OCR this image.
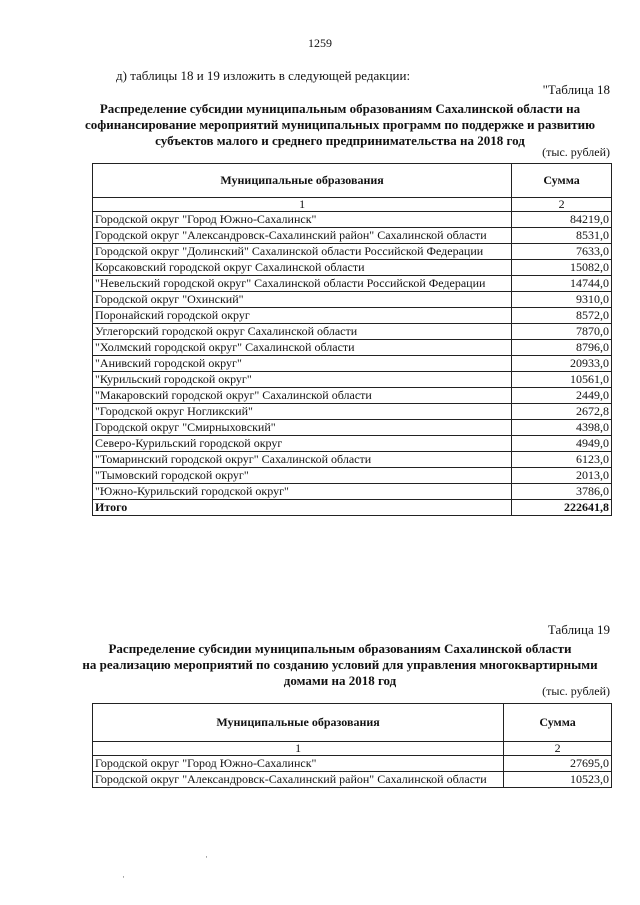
1259
д) таблицы 18 и 19 изложить в следующей редакции:
"Таблица 18
Распределение субсидии муниципальным образованиям Сахалинской области на
софинансирование мероприятий муниципальных программ по поддержке и развитию
субъектов малого и среднего предпринимательства на 2018 год
(тыс. рублей)
Муниципальные образования	Сумма
1	2
Городской округ "Город Южно-Сахалинск"	84219,0
Городской округ "Александровск-Сахалинский район" Сахалинской области	8531,0
Городской округ "Долинский" Сахалинской области Российской Федерации	7633,0
Корсаковский городской округ Сахалинской области	15082,0
"Невельский городской округ" Сахалинской области Российской Федерации	14744,0
Городской округ "Охинский"	9310,0
Поронайский городской округ	8572,0
Углегорский городской округ Сахалинской области	7870,0
"Холмский городской округ" Сахалинской области	8796,0
"Анивский городской округ"	20933,0
"Курильский городской округ"	10561,0
"Макаровский городской округ" Сахалинской области	2449,0
"Городской округ Ногликский"	2672,8
Городской округ "Смирныховский"	4398,0
Северо-Курильский городской округ	4949,0
"Томаринский городской округ" Сахалинской области	6123,0
"Тымовский городской округ"	2013,0
"Южно-Курильский городской округ"	3786,0
Итого	222641,8
Таблица 19
Распределение субсидии муниципальным образованиям Сахалинской области
на реализацию мероприятий по созданию условий для управления многоквартирными
домами на 2018 год
(тыс. рублей)
Муниципальные образования	Сумма
1	2
Городской округ "Город Южно-Сахалинск"	27695,0
Городской округ "Александровск-Сахалинский район" Сахалинской области	10523,0
·
·
